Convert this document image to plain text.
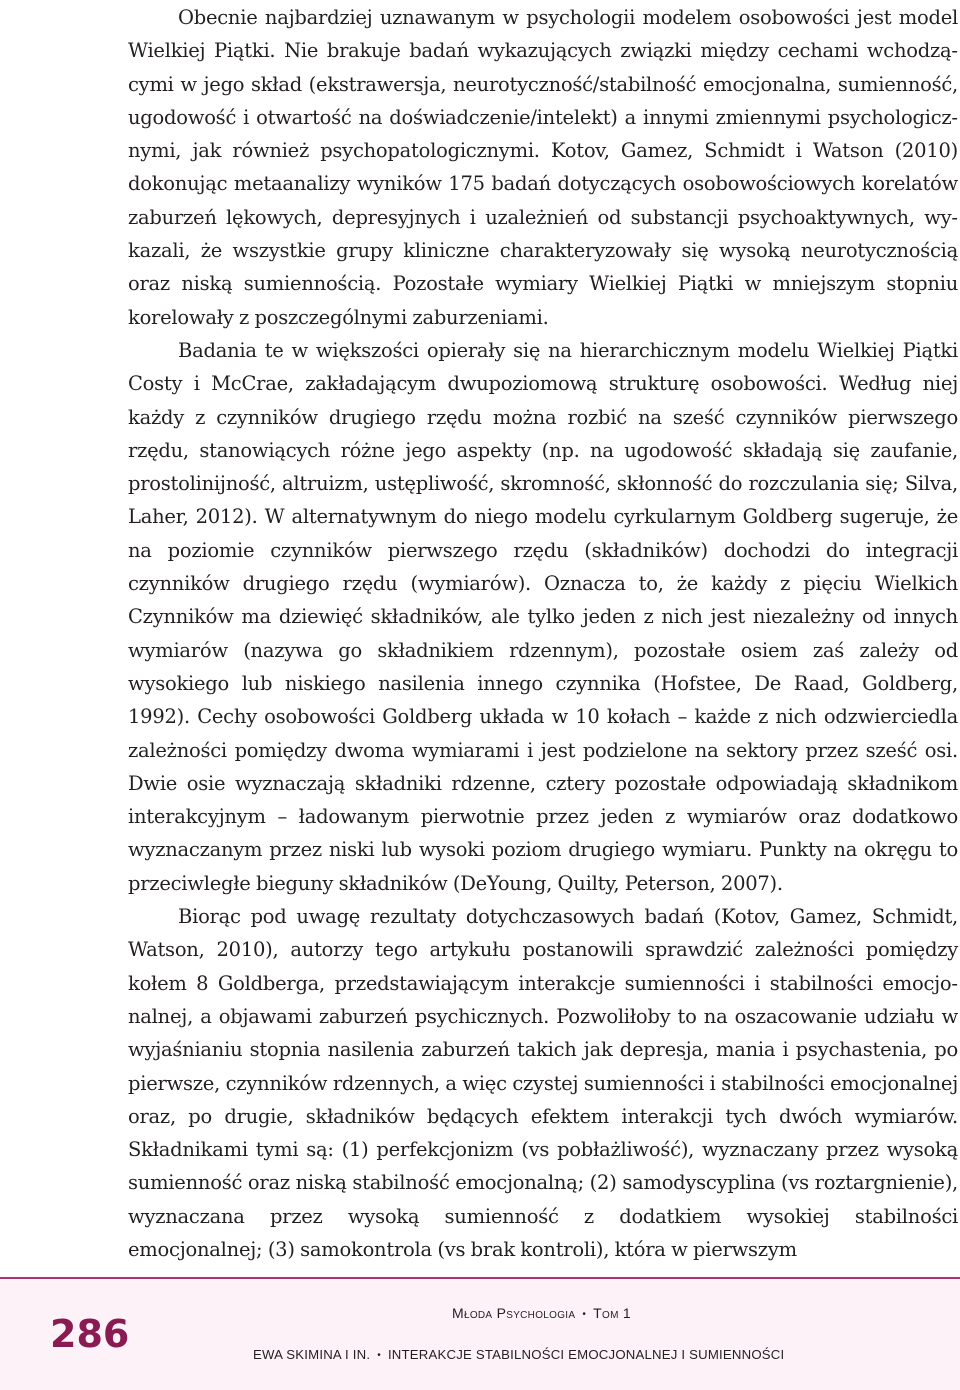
Obecnie najbardziej uznawanym w psychologii modelem osobowości jest model Wielkiej Piątki. Nie brakuje badań wykazujących związki między cechami wchodzącymi w jego skład (ekstrawersja, neurotyczność/stabilność emocjonalna, sumienność, ugodowość i otwartość na doświadczenie/intelekt) a innymi zmiennymi psychologicznymi, jak również psychopatologicznymi. Kotov, Gamez, Schmidt i Watson (2010) dokonując metaanalizy wyników 175 badań dotyczących osobowościowych korelatów zaburzeń lękowych, depresyjnych i uzależnień od substancji psychoaktywnych, wykazali, że wszystkie grupy kliniczne charakteryzowały się wysoką neurotycznością oraz niską sumiennością. Pozostałe wymiary Wielkiej Piątki w mniejszym stopniu korelowały z poszczególnymi zaburzeniami.

Badania te w większości opierały się na hierarchicznym modelu Wielkiej Piątki Costy i McCrae, zakładającym dwupoziomową strukturę osobowości. Według niej każdy z czynników drugiego rzędu można rozbić na sześć czynników pierwszego rzędu, stanowiących różne jego aspekty (np. na ugodowość składają się zaufanie, prostolinijność, altruizm, ustępliwość, skromność, skłonność do rozczulania się; Silva, Laher, 2012). W alternatywnym do niego modelu cyrkularnym Goldberg sugeruje, że na poziomie czynników pierwszego rzędu (składników) dochodzi do integracji czynników drugiego rzędu (wymiarów). Oznacza to, że każdy z pięciu Wielkich Czynników ma dziewięć składników, ale tylko jeden z nich jest niezależny od innych wymiarów (nazywa go składnikiem rdzennym), pozostałe osiem zaś zależy od wysokiego lub niskiego nasilenia innego czynnika (Hofstee, De Raad, Goldberg, 1992). Cechy osobowości Goldberg układa w 10 kołach – każde z nich odzwierciedla zależności pomiędzy dwoma wymiarami i jest podzielone na sektory przez sześć osi. Dwie osie wyznaczają składniki rdzenne, cztery pozostałe odpowiadają składnikom interakcyjnym – ładowanym pierwotnie przez jeden z wymiarów oraz dodatkowo wyznaczanym przez niski lub wysoki poziom drugiego wymiaru. Punkty na okręgu to przeciwległe bieguny składników (DeYoung, Quilty, Peterson, 2007).

Biorąc pod uwagę rezultaty dotychczasowych badań (Kotov, Gamez, Schmidt, Watson, 2010), autorzy tego artykułu postanowili sprawdzić zależności pomiędzy kołem 8 Goldberga, przedstawiającym interakcje sumienności i stabilności emocjonalnej, a objawami zaburzeń psychicznych. Pozwoliłoby to na oszacowanie udziału w wyjaśnianiu stopnia nasilenia zaburzeń takich jak depresja, mania i psychastenia, po pierwsze, czynników rdzennych, a więc czystej sumienności i stabilności emocjonalnej oraz, po drugie, składników będących efektem interakcji tych dwóch wymiarów. Składnikami tymi są: (1) perfekcjonizm (vs pobłażliwość), wyznaczany przez wysoką sumienność oraz niską stabilność emocjonalną; (2) samodyscyplina (vs roztargnienie), wyznaczana przez wysoką sumienność z dodatkiem wysokiej stabilności emocjonalnej; (3) samokontrola (vs brak kontroli), która w pierwszym

286	Młoda Psychologia • Tom 1
EWA SKIMINA I IN. • INTERAKCJE STABILNOŚCI EMOCJONALNEJ I SUMIENNOŚCI
